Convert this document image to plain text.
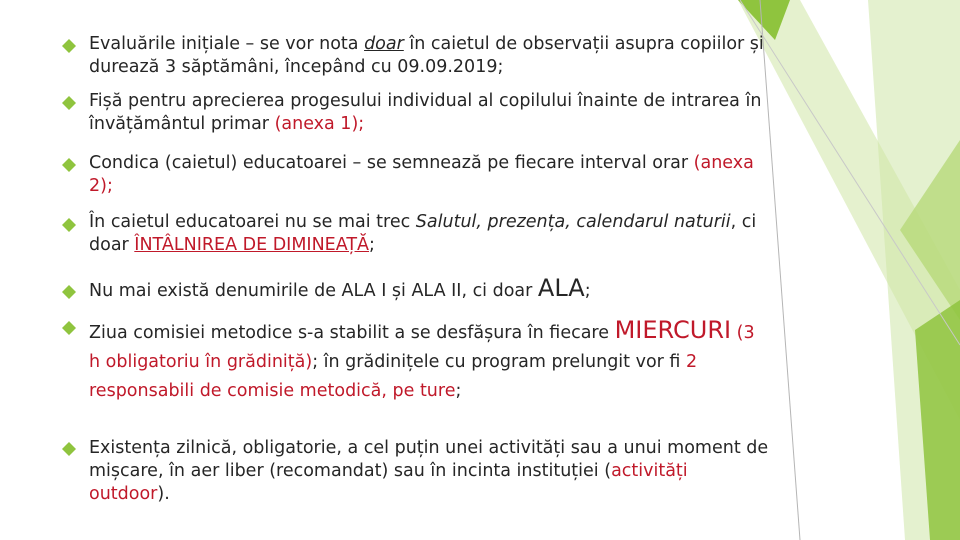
Evaluările inițiale – se vor nota doar în caietul de observații asupra copiilor și durează 3 săptămâni, începând cu 09.09.2019;
Fișă pentru aprecierea progesului individual al copilului înainte de intrarea în învățământul primar (anexa 1);
Condica (caietul) educatoarei – se semnează pe fiecare interval orar (anexa 2);
În caietul educatoarei nu se mai trec Salutul, prezența, calendarul naturii, ci doar ÎNTÂLNIREA DE DIMINEAȚĂ;
Nu mai există denumirile de ALA I și ALA II, ci doar ALA;
Ziua comisiei metodice s-a stabilit a se desfășura în fiecare MIERCURI (3 h obligatoriu în grădiniță); în grădinițele cu program prelungit vor fi 2 responsabili de comisie metodică, pe ture;
Existența zilnică, obligatorie, a cel puțin unei activități sau a unui moment de mișcare, în aer liber (recomandat) sau în incinta instituției (activități outdoor).
